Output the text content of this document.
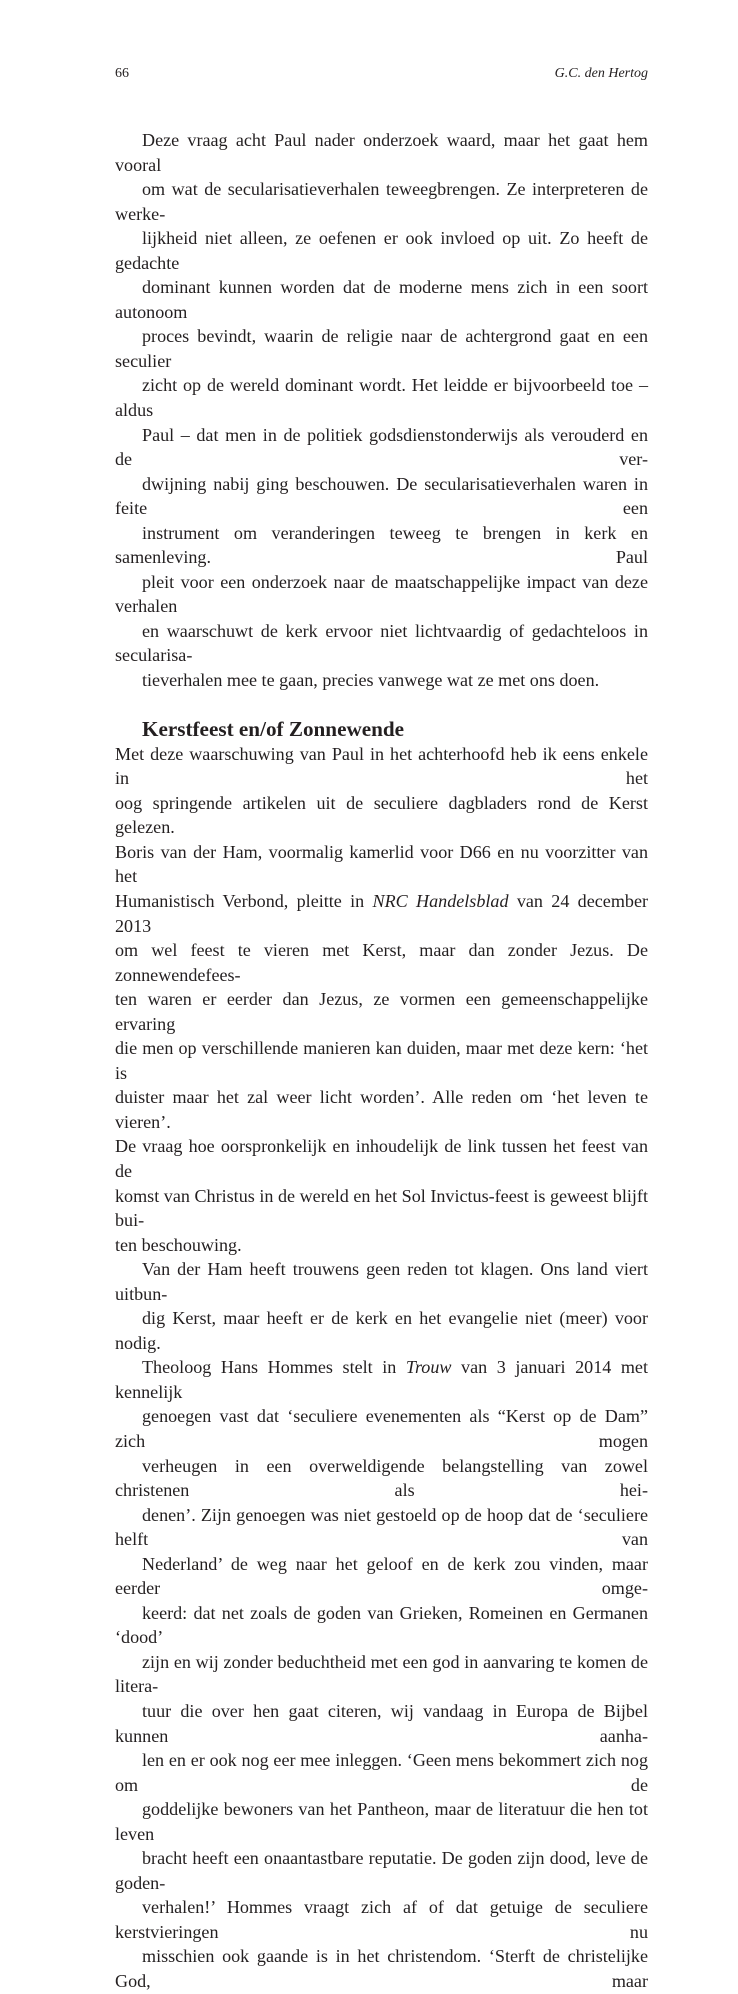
66	G.C. den Hertog

Deze vraag acht Paul nader onderzoek waard, maar het gaat hem vooral
om wat de secularisatieverhalen teweegbrengen. Ze interpreteren de werke-
lijkheid niet alleen, ze oefenen er ook invloed op uit. Zo heeft de gedachte
dominant kunnen worden dat de moderne mens zich in een soort autonoom
proces bevindt, waarin de religie naar de achtergrond gaat en een seculier
zicht op de wereld dominant wordt. Het leidde er bijvoorbeeld toe – aldus
Paul – dat men in de politiek godsdienstonderwijs als verouderd en de ver-
dwijning nabij ging beschouwen. De secularisatieverhalen waren in feite een
instrument om veranderingen teweeg te brengen in kerk en samenleving. Paul
pleit voor een onderzoek naar de maatschappelijke impact van deze verhalen
en waarschuwt de kerk ervoor niet lichtvaardig of gedachteloos in secularisa-
tieverhalen mee te gaan, precies vanwege wat ze met ons doen.

Kerstfeest en/of Zonnewende

Met deze waarschuwing van Paul in het achterhoofd heb ik eens enkele in het
oog springende artikelen uit de seculiere dagbladers rond de Kerst gelezen.
Boris van der Ham, voormalig kamerlid voor D66 en nu voorzitter van het
Humanistisch Verbond, pleitte in NRC Handelsblad van 24 december 2013
om wel feest te vieren met Kerst, maar dan zonder Jezus. De zonnewendefees-
ten waren er eerder dan Jezus, ze vormen een gemeenschappelijke ervaring
die men op verschillende manieren kan duiden, maar met deze kern: ‘het is
duister maar het zal weer licht worden’. Alle reden om ‘het leven te vieren’.
De vraag hoe oorspronkelijk en inhoudelijk de link tussen het feest van de
komst van Christus in de wereld en het Sol Invictus-feest is geweest blijft bui-
ten beschouwing.

Van der Ham heeft trouwens geen reden tot klagen. Ons land viert uitbun-
dig Kerst, maar heeft er de kerk en het evangelie niet (meer) voor nodig.
Theoloog Hans Hommes stelt in Trouw van 3 januari 2014 met kennelijk
genoegen vast dat ‘seculiere evenementen als “Kerst op de Dam” zich mogen
verheugen in een overweldigende belangstelling van zowel christenen als hei-
denen’. Zijn genoegen was niet gestoeld op de hoop dat de ‘seculiere helft van
Nederland’ de weg naar het geloof en de kerk zou vinden, maar eerder omge-
keerd: dat net zoals de goden van Grieken, Romeinen en Germanen ‘dood’
zijn en wij zonder beduchtheid met een god in aanvaring te komen de litera-
tuur die over hen gaat citeren, wij vandaag in Europa de Bijbel kunnen aanha-
len en er ook nog eer mee inleggen. ‘Geen mens bekommert zich nog om de
goddelijke bewoners van het Pantheon, maar de literatuur die hen tot leven
bracht heeft een onaantastbare reputatie. De goden zijn dood, leve de goden-
verhalen!’ Hommes vraagt zich af of dat getuige de seculiere kerstvieringen nu
misschien ook gaande is in het christendom. ‘Sterft de christelijke God, maar
